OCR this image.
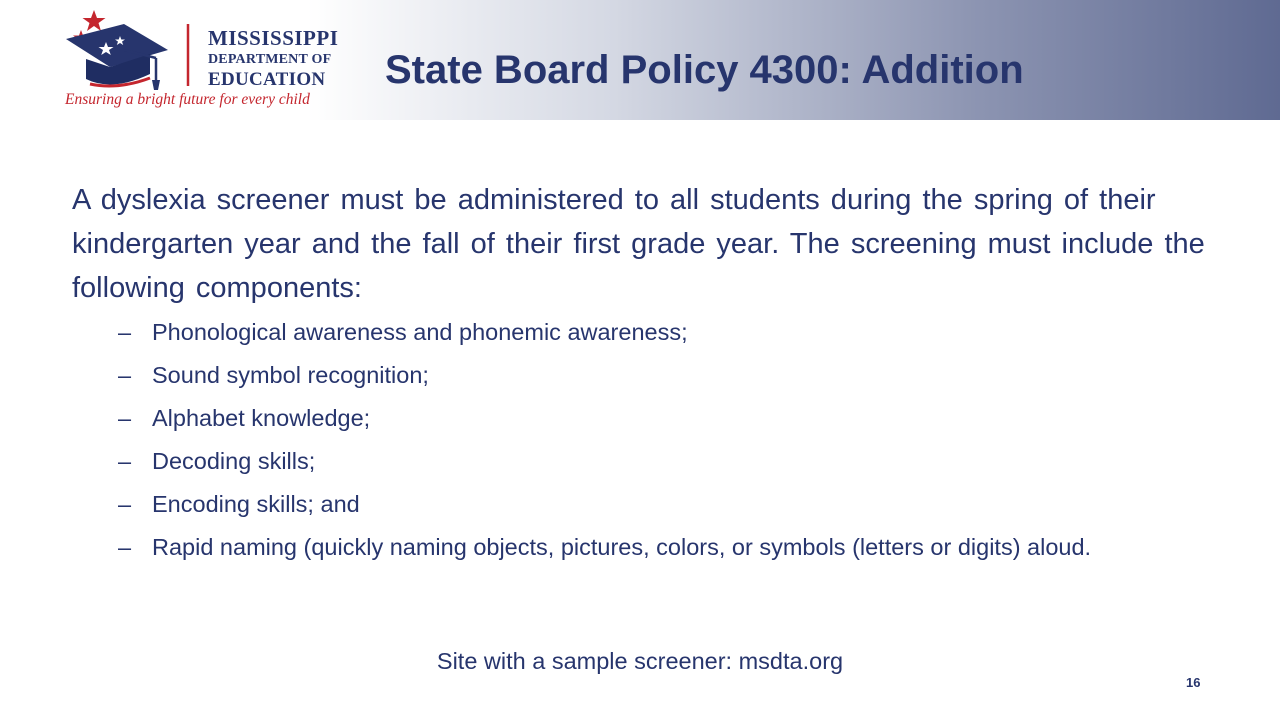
MISSISSIPPI
DEPARTMENT OF
EDUCATION
Ensuring a bright future for every child
State Board Policy 4300: Addition

A dyslexia screener must be administered to all students during the spring of their kindergarten year and the fall of their first grade year. The screening must include the following components:

– Phonological awareness and phonemic awareness;
– Sound symbol recognition;
– Alphabet knowledge;
– Decoding skills;
– Encoding skills; and
– Rapid naming (quickly naming objects, pictures, colors, or symbols (letters or digits) aloud.

Site with a sample screener: msdta.org

16
